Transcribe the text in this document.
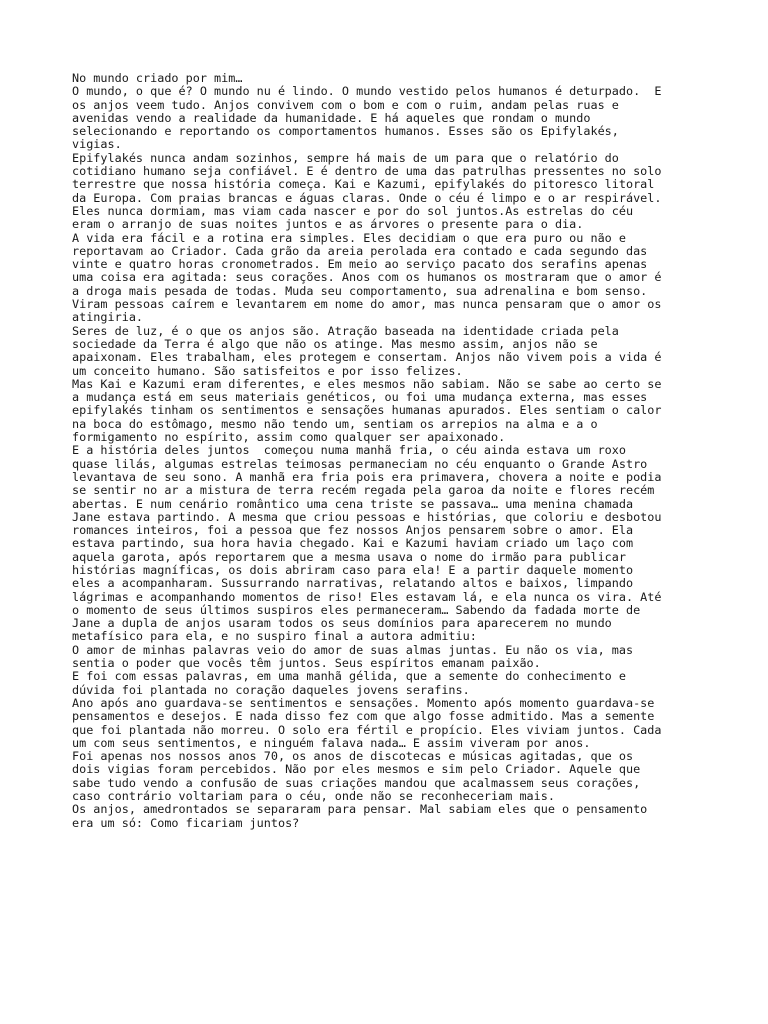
No mundo criado por mim…

O mundo, o que é? O mundo nu é lindo. O mundo vestido pelos humanos é deturpado.  E
os anjos veem tudo. Anjos convivem com o bom e com o ruim, andam pelas ruas e
avenidas vendo a realidade da humanidade. E há aqueles que rondam o mundo
selecionando e reportando os comportamentos humanos. Esses são os Epifylakés,
vigias.

Epifylakés nunca andam sozinhos, sempre há mais de um para que o relatório do
cotidiano humano seja confiável. E é dentro de uma das patrulhas pressentes no solo
terrestre que nossa história começa. Kai e Kazumi, epifylakés do pitoresco litoral
da Europa. Com praias brancas e águas claras. Onde o céu é limpo e o ar respirável.
Eles nunca dormiam, mas viam cada nascer e por do sol juntos.As estrelas do céu
eram o arranjo de suas noites juntos e as árvores o presente para o dia.

A vida era fácil e a rotina era simples. Eles decidiam o que era puro ou não e
reportavam ao Criador. Cada grão da areia perolada era contado e cada segundo das
vinte e quatro horas cronometrados. Em meio ao serviço pacato dos serafins apenas
uma coisa era agitada: seus corações. Anos com os humanos os mostraram que o amor é
a droga mais pesada de todas. Muda seu comportamento, sua adrenalina e bom senso.
Viram pessoas caírem e levantarem em nome do amor, mas nunca pensaram que o amor os
atingiria.

Seres de luz, é o que os anjos são. Atração baseada na identidade criada pela
sociedade da Terra é algo que não os atinge. Mas mesmo assim, anjos não se
apaixonam. Eles trabalham, eles protegem e consertam. Anjos não vivem pois a vida é
um conceito humano. São satisfeitos e por isso felizes.

Mas Kai e Kazumi eram diferentes, e eles mesmos não sabiam. Não se sabe ao certo se
a mudança está em seus materiais genéticos, ou foi uma mudança externa, mas esses
epifylakés tinham os sentimentos e sensações humanas apurados. Eles sentiam o calor
na boca do estômago, mesmo não tendo um, sentiam os arrepios na alma e a o
formigamento no espírito, assim como qualquer ser apaixonado.

E a história deles juntos  começou numa manhã fria, o céu ainda estava um roxo
quase lilás, algumas estrelas teimosas permaneciam no céu enquanto o Grande Astro
levantava de seu sono. A manhã era fria pois era primavera, chovera a noite e podia
se sentir no ar a mistura de terra recém regada pela garoa da noite e flores recém
abertas. E num cenário romântico uma cena triste se passava… uma menina chamada
Jane estava partindo. A mesma que criou pessoas e histórias, que coloriu e desbotou
romances inteiros, foi a pessoa que fez nossos Anjos pensarem sobre o amor. Ela
estava partindo, sua hora havia chegado. Kai e Kazumi haviam criado um laço com
aquela garota, após reportarem que a mesma usava o nome do irmão para publicar
histórias magníficas, os dois abriram caso para ela! E a partir daquele momento
eles a acompanharam. Sussurrando narrativas, relatando altos e baixos, limpando
lágrimas e acompanhando momentos de riso! Eles estavam lá, e ela nunca os vira. Até
o momento de seus últimos suspiros eles permaneceram… Sabendo da fadada morte de
Jane a dupla de anjos usaram todos os seus domínios para aparecerem no mundo
metafísico para ela, e no suspiro final a autora admitiu:

O amor de minhas palavras veio do amor de suas almas juntas. Eu não os via, mas
sentia o poder que vocês têm juntos. Seus espíritos emanam paixão.

E foi com essas palavras, em uma manhã gélida, que a semente do conhecimento e
dúvida foi plantada no coração daqueles jovens serafins.

Ano após ano guardava-se sentimentos e sensações. Momento após momento guardava-se
pensamentos e desejos. E nada disso fez com que algo fosse admitido. Mas a semente
que foi plantada não morreu. O solo era fértil e propício. Eles viviam juntos. Cada
um com seus sentimentos, e ninguém falava nada… E assim viveram por anos.

Foi apenas nos nossos anos 70, os anos de discotecas e músicas agitadas, que os
dois vigias foram percebidos. Não por eles mesmos e sim pelo Criador. Aquele que
sabe tudo vendo a confusão de suas criações mandou que acalmassem seus corações,
caso contrário voltariam para o céu, onde não se reconheceriam mais.

Os anjos, amedrontados se separaram para pensar. Mal sabiam eles que o pensamento
era um só: Como ficariam juntos?
